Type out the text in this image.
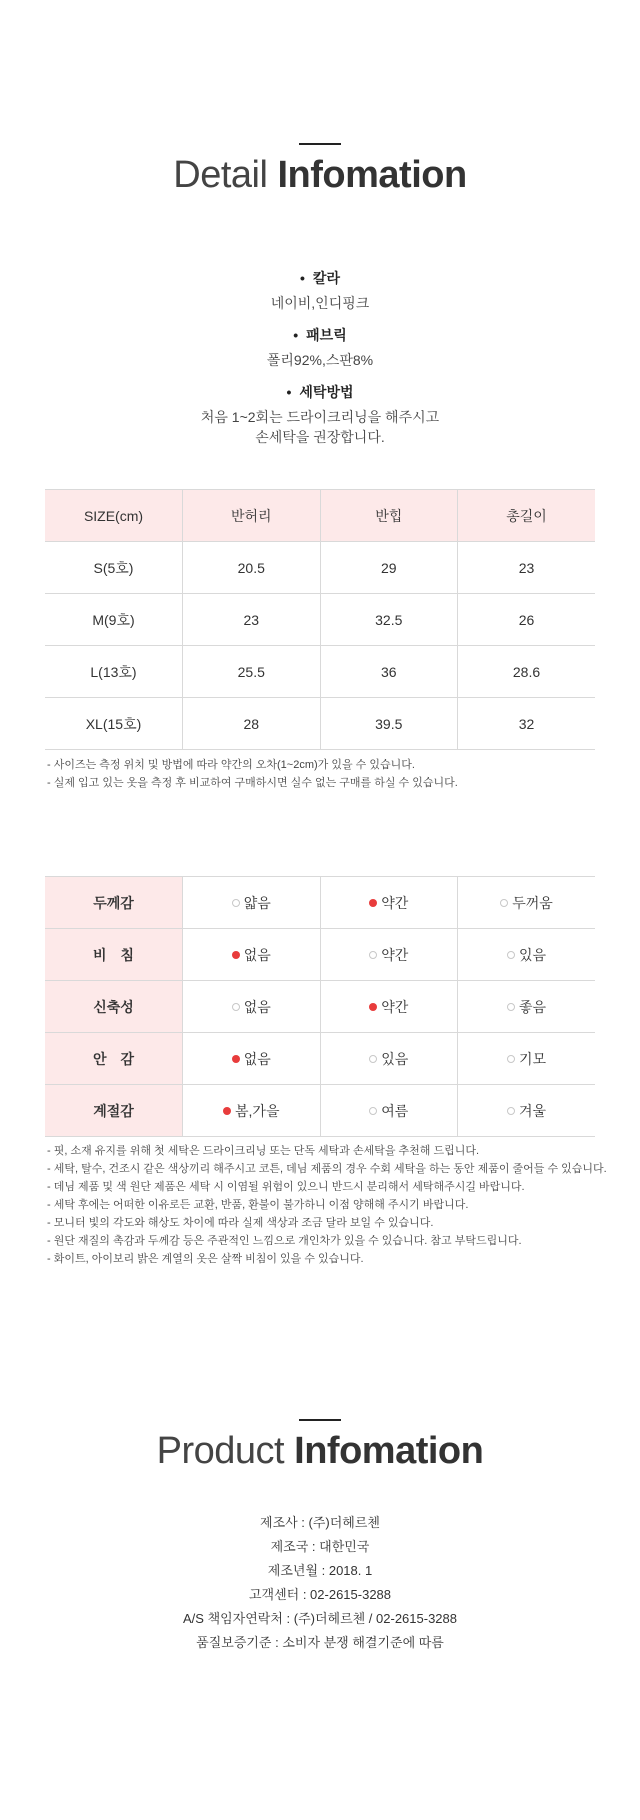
Detail Infomation
• 칼라
네이비,인디핑크
• 패브릭
폴리92%,스판8%
• 세탁방법
처음 1~2회는 드라이크리닝을 해주시고
손세탁을 권장합니다.
SIZE(cm)	반허리	반힙	총길이
S(5호)	20.5	29	23
M(9호)	23	32.5	26
L(13호)	25.5	36	28.6
XL(15호)	28	39.5	32
- 사이즈는 측정 위치 및 방법에 따라 약간의 오차(1~2cm)가 있을 수 있습니다.
- 실제 입고 있는 옷을 측정 후 비교하여 구매하시면 실수 없는 구매를 하실 수 있습니다.
두께감	얇음	약간	두꺼움

비　침	없음	약간	있음

신축성	없음	약간	좋음

안　감	없음	있음	기모

계절감	봄,가을	여름	겨울
- 핏, 소재 유지를 위해 첫 세탁은 드라이크리닝 또는 단독 세탁과 손세탁을 추천해 드립니다.
- 세탁, 탈수, 건조시 같은 색상끼리 해주시고 코튼, 데님 제품의 경우 수회 세탁을 하는 동안 제품이 줄어들 수 있습니다.
- 데님 제품 및 색 원단 제품은 세탁 시 이염될 위험이 있으니 반드시 분리해서 세탁해주시길 바랍니다.
- 세탁 후에는 어떠한 이유로든 교환, 반품, 환불이 불가하니 이점 양해해 주시기 바랍니다.
- 모니터 빛의 각도와 해상도 차이에 따라 실제 색상과 조금 달라 보일 수 있습니다.
- 원단 재질의 촉감과 두께감 등은 주관적인 느낌으로 개인차가 있을 수 있습니다. 참고 부탁드립니다.
- 화이트, 아이보리 밝은 계열의 옷은 살짝 비침이 있을 수 있습니다.
Product Infomation
제조사 : (주)더헤르첸
제조국 : 대한민국
제조년월 : 2018. 1
고객센터 : 02-2615-3288
A/S 책임자연락처 : (주)더헤르첸 / 02-2615-3288
품질보증기준 : 소비자 분쟁 해결기준에 따름
